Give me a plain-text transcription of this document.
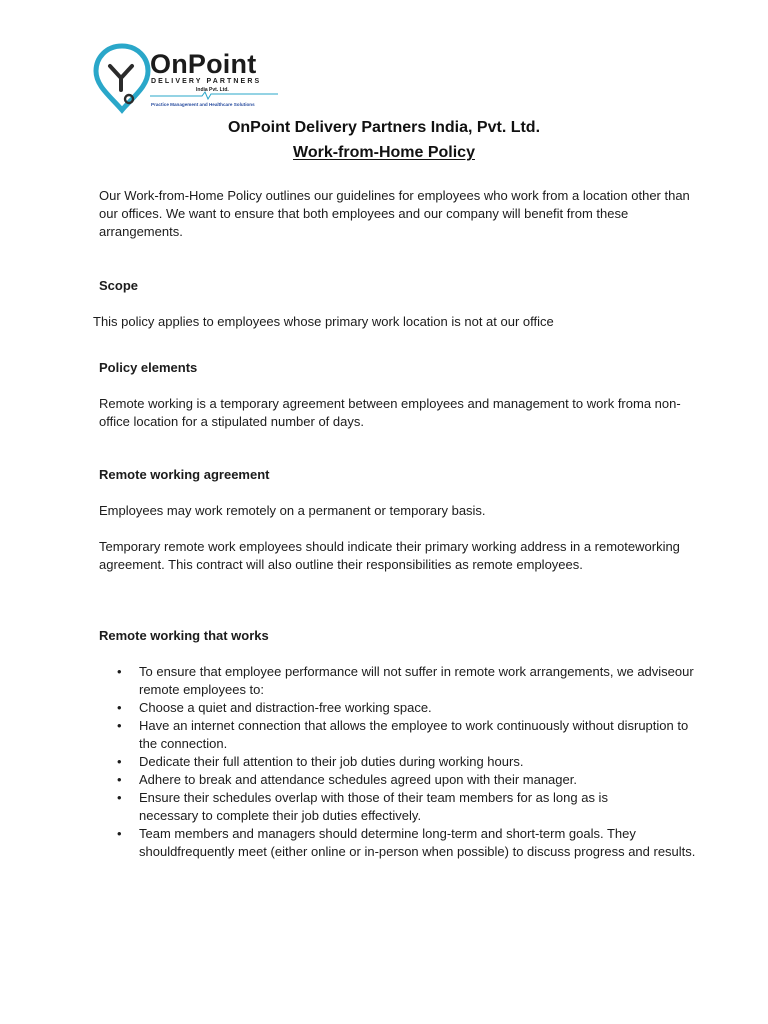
OnPoint
DELIVERY PARTNERS
India Pvt. Ltd.
Practice Management and Healthcare Solutions
OnPoint Delivery Partners India, Pvt. Ltd.
Work-from-Home Policy
Our Work-from-Home Policy outlines our guidelines for employees who work from a location other than our offices. We want to ensure that both employees and our company will benefit from these arrangements.
Scope
This policy applies to employees whose primary work location is not at our office
Policy elements
Remote working is a temporary agreement between employees and management to work froma non-office location for a stipulated number of days.
Remote working agreement
Employees may work remotely on a permanent or temporary basis.
Temporary remote work employees should indicate their primary working address in a remoteworking agreement. This contract will also outline their responsibilities as remote employees.
Remote working that works
• To ensure that employee performance will not suffer in remote work arrangements, we adviseour remote employees to:
• Choose a quiet and distraction-free working space.
• Have an internet connection that allows the employee to work continuously without disruption to the connection.
• Dedicate their full attention to their job duties during working hours.
• Adhere to break and attendance schedules agreed upon with their manager.
• Ensure their schedules overlap with those of their team members for as long as is
necessary to complete their job duties effectively.
• Team members and managers should determine long-term and short-term goals. They shouldfrequently meet (either online or in-person when possible) to discuss progress and results.
